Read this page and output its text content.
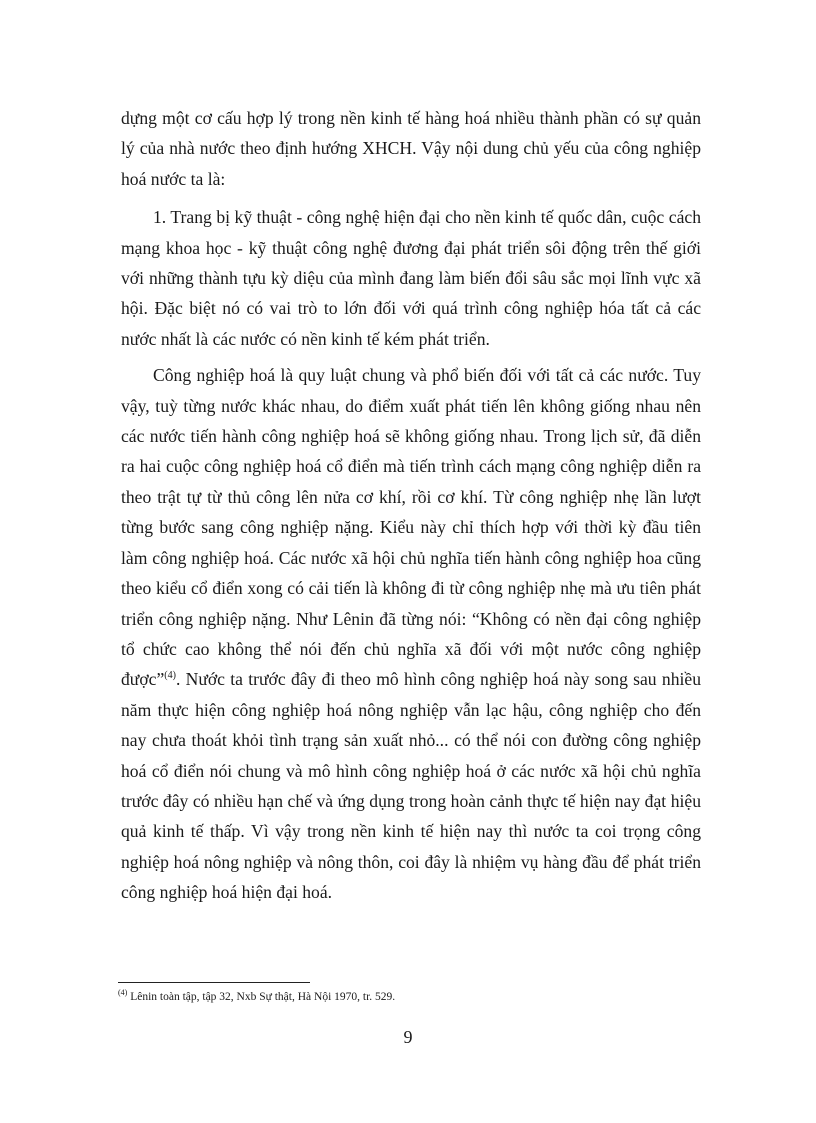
dựng một cơ cấu hợp lý trong nền kinh tế hàng hoá nhiều thành phần có sự quản lý của nhà nước theo định hướng XHCH. Vậy nội dung chủ yếu của công nghiệp hoá nước ta là:

1. Trang bị kỹ thuật - công nghệ hiện đại cho nền kinh tế quốc dân, cuộc cách mạng khoa học - kỹ thuật công nghệ đương đại phát triển sôi động trên thế giới với những thành tựu kỳ diệu của mình đang làm biến đổi sâu sắc mọi lĩnh vực xã hội. Đặc biệt nó có vai trò to lớn đối với quá trình công nghiệp hóa tất cả các nước nhất là các nước có nền kinh tế kém phát triển.

Công nghiệp hoá là quy luật chung và phổ biến đối với tất cả các nước. Tuy vậy, tuỳ từng nước khác nhau, do điểm xuất phát tiến lên không giống nhau nên các nước tiến hành công nghiệp hoá sẽ không giống nhau. Trong lịch sử, đã diễn ra hai cuộc công nghiệp hoá cổ điển mà tiến trình cách mạng công nghiệp diễn ra theo trật tự từ thủ công lên nửa cơ khí, rồi cơ khí. Từ công nghiệp nhẹ lần lượt từng bước sang công nghiệp nặng. Kiểu này chỉ thích hợp với thời kỳ đầu tiên làm công nghiệp hoá. Các nước xã hội chủ nghĩa tiến hành công nghiệp hoa cũng theo kiểu cổ điển xong có cải tiến là không đi từ công nghiệp nhẹ mà ưu tiên phát triển công nghiệp nặng. Như Lênin đã từng nói: “Không có nền đại công nghiệp tổ chức cao không thể nói đến chủ nghĩa xã đối với một nước công nghiệp được”$^{(4)}$. Nước ta trước đây đi theo mô hình công nghiệp hoá này song sau nhiều năm thực hiện công nghiệp hoá nông nghiệp vẫn lạc hậu, công nghiệp cho đến nay chưa thoát khỏi tình trạng sản xuất nhỏ... có thể nói con đường công nghiệp hoá cổ điển nói chung và mô hình công nghiệp hoá ở các nước xã hội chủ nghĩa trước đây có nhiều hạn chế và ứng dụng trong hoàn cảnh thực tế hiện nay đạt hiệu quả kinh tế thấp. Vì vậy trong nền kinh tế hiện nay thì nước ta coi trọng công nghiệp hoá nông nghiệp và nông thôn, coi đây là nhiệm vụ hàng đầu để phát triển công nghiệp hoá hiện đại hoá.

$^{(4)}$ Lênin toàn tập, tập 32, Nxb Sự thật, Hà Nội 1970, tr. 529.
9
